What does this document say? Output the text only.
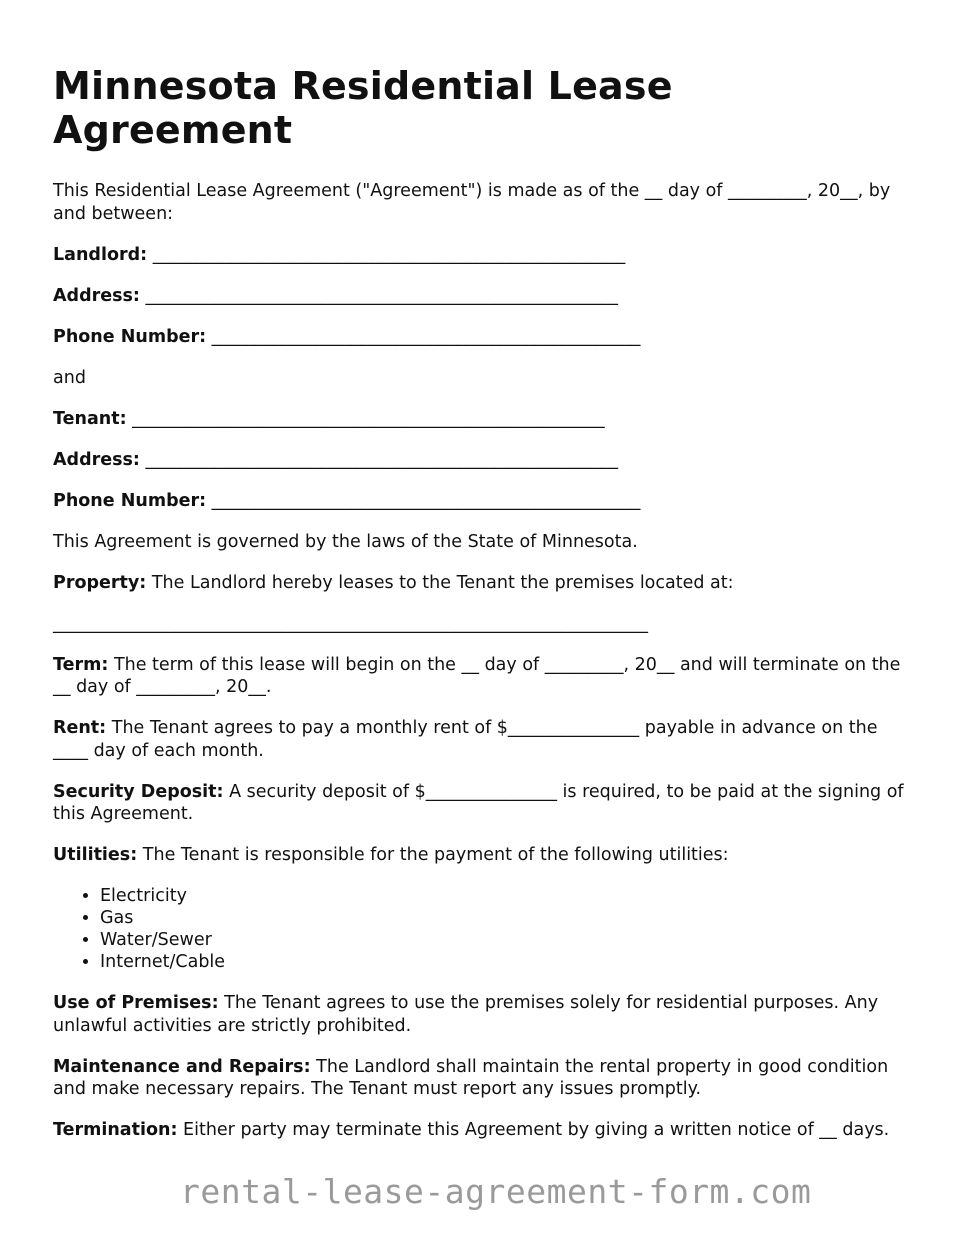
Minnesota Residential Lease Agreement

This Residential Lease Agreement ("Agreement") is made as of the __ day of _________, 20__, by and between:

Landlord: ______________________________________________________

Address: ______________________________________________________

Phone Number: _________________________________________________

and

Tenant: ______________________________________________________

Address: ______________________________________________________

Phone Number: _________________________________________________

This Agreement is governed by the laws of the State of Minnesota.

Property: The Landlord hereby leases to the Tenant the premises located at:

____________________________________________________________________

Term: The term of this lease will begin on the __ day of _________, 20__ and will terminate on the __ day of _________, 20__.

Rent: The Tenant agrees to pay a monthly rent of $_______________ payable in advance on the ____ day of each month.

Security Deposit: A security deposit of $_______________ is required, to be paid at the signing of this Agreement.

Utilities: The Tenant is responsible for the payment of the following utilities:

• Electricity
• Gas
• Water/Sewer
• Internet/Cable

Use of Premises: The Tenant agrees to use the premises solely for residential purposes. Any unlawful activities are strictly prohibited.

Maintenance and Repairs: The Landlord shall maintain the rental property in good condition and make necessary repairs. The Tenant must report any issues promptly.

Termination: Either party may terminate this Agreement by giving a written notice of __ days.

rental-lease-agreement-form.com
